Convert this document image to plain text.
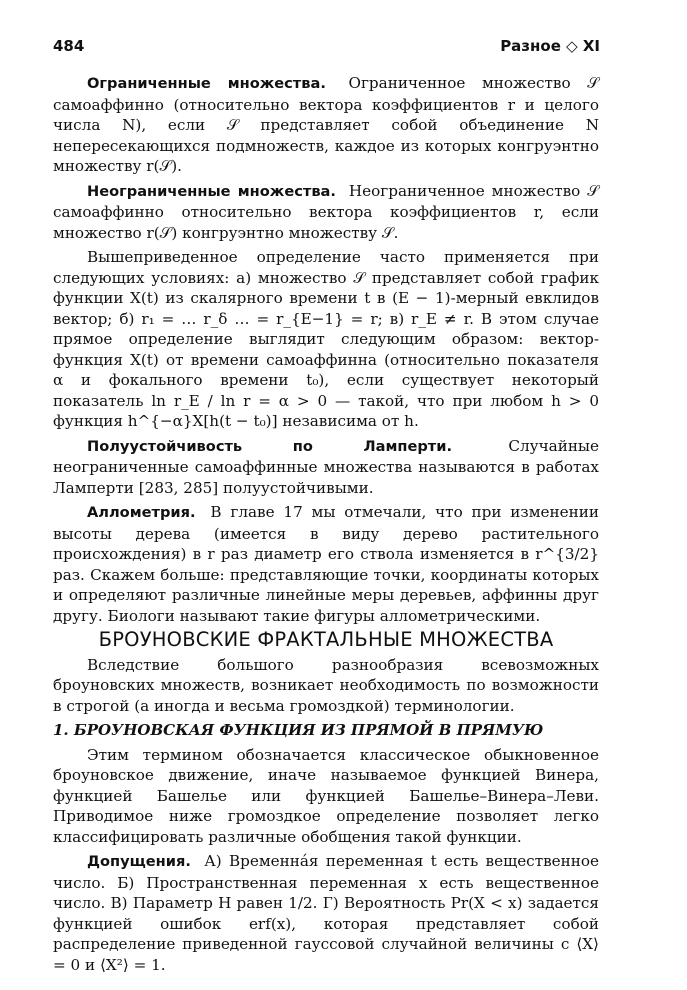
484	Разное ◇ XI

Ограниченные множества. Ограниченное множество 𝒮 самоаффинно (относительно вектора коэффициентов r и целого числа N), если 𝒮 представляет собой объединение N непересекающихся подмножеств, каждое из которых конгруэнтно множеству r(𝒮).

Неограниченные множества. Неограниченное множество 𝒮 самоаффинно относительно вектора коэффициентов r, если множество r(𝒮) конгруэнтно множеству 𝒮.

Вышеприведенное определение часто применяется при следующих условиях: а) множество 𝒮 представляет собой график функции X(t) из скалярного времени t в (E − 1)-мерный евклидов вектор; б) r₁ = … r_δ … = r_{E−1} = r; в) r_E ≠ r. В этом случае прямое определение выглядит следующим образом: вектор-функция X(t) от времени самоаффинна (относительно показателя α и фокального времени t₀), если существует некоторый показатель ln r_E / ln r = α > 0 — такой, что при любом h > 0 функция h^{−α}X[h(t − t₀)] независима от h.

Полуустойчивость по Ламперти.	Случайные неограниченные самоаффинные множества называются в работах Ламперти [283, 285] полуустойчивыми.

Аллометрия. В главе 17 мы отмечали, что при изменении высоты дерева (имеется в виду дерево растительного происхождения) в r раз диаметр его ствола изменяется в r^{3/2} раз. Скажем больше: представляющие точки, координаты которых и определяют различные линейные меры деревьев, аффинны друг другу. Биологи называют такие фигуры аллометрическими.

БРОУНОВСКИЕ ФРАКТАЛЬНЫЕ МНОЖЕСТВА

Вследствие большого разнообразия всевозможных броуновских множеств, возникает необходимость по возможности в строгой (а иногда и весьма громоздкой) терминологии.

1. БРОУНОВСКАЯ ФУНКЦИЯ ИЗ ПРЯМОЙ В ПРЯМУЮ

Этим термином обозначается классическое обыкновенное броуновское движение, иначе называемое функцией Винера, функцией Башелье или функцией Башелье–Винера–Леви. Приводимое ниже громоздкое определение позволяет легко классифицировать различные обобщения такой функции.

Допущения. А) Временна́я переменная t есть вещественное число. Б) Пространственная переменная x есть вещественное число. В) Параметр H равен 1/2. Г) Вероятность Pr(X < x) задается функцией ошибок erf(x), которая представляет собой распределение приведенной гауссовой случайной величины с ⟨X⟩ = 0 и ⟨X²⟩ = 1.
